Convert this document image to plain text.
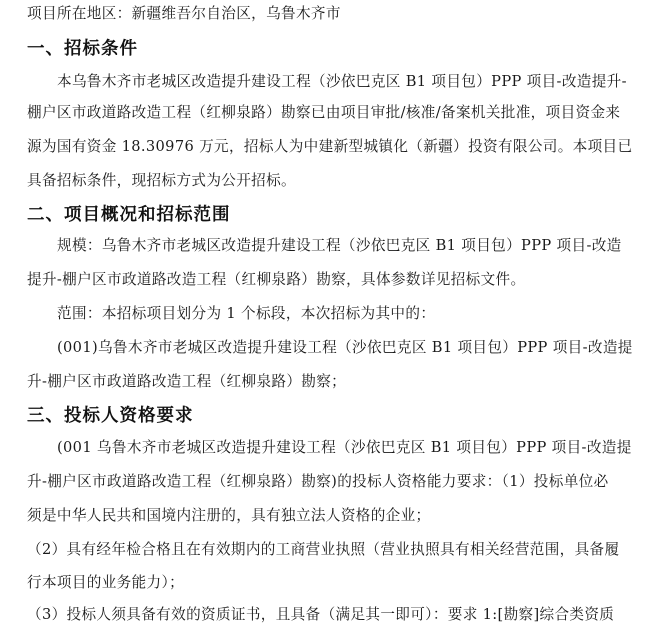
项目所在地区：新疆维吾尔自治区，乌鲁木齐市
一、招标条件
本乌鲁木齐市老城区改造提升建设工程（沙依巴克区 B1 项目包）PPP 项目-改造提升-
棚户区市政道路改造工程（红柳泉路）勘察已由项目审批/核准/备案机关批准，项目资金来
源为国有资金 18.30976 万元，招标人为中建新型城镇化（新疆）投资有限公司。本项目已
具备招标条件，现招标方式为公开招标。
二、项目概况和招标范围
规模：乌鲁木齐市老城区改造提升建设工程（沙依巴克区 B1 项目包）PPP 项目-改造
提升-棚户区市政道路改造工程（红柳泉路）勘察，具体参数详见招标文件。
范围：本招标项目划分为 1 个标段，本次招标为其中的：
(001)乌鲁木齐市老城区改造提升建设工程（沙依巴克区 B1 项目包）PPP 项目-改造提
升-棚户区市政道路改造工程（红柳泉路）勘察；
三、投标人资格要求
(001 乌鲁木齐市老城区改造提升建设工程（沙依巴克区 B1 项目包）PPP 项目-改造提
升-棚户区市政道路改造工程（红柳泉路）勘察)的投标人资格能力要求：（1）投标单位必
须是中华人民共和国境内注册的，具有独立法人资格的企业；
（2）具有经年检合格且在有效期内的工商营业执照（营业执照具有相关经营范围，具备履
行本项目的业务能力）；
（3）投标人须具备有效的资质证书，且具备（满足其一即可）：要求 1:[勘察]综合类资质
